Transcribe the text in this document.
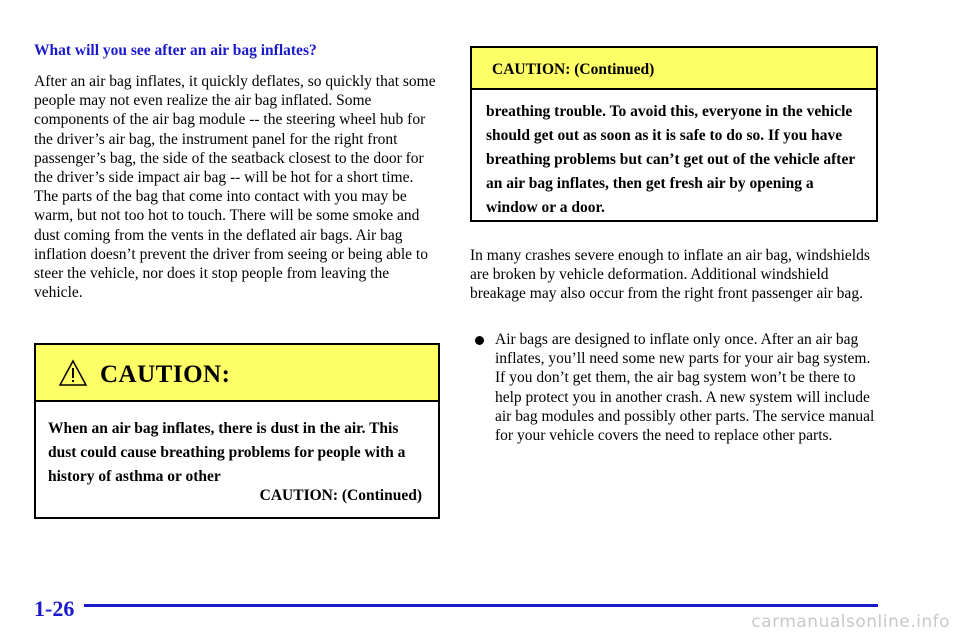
What will you see after an air bag inflates?
After an air bag inflates, it quickly deflates, so quickly that some people may not even realize the air bag inflated. Some components of the air bag module -- the steering wheel hub for the driver’s air bag, the instrument panel for the right front passenger’s bag, the side of the seatback closest to the door for the driver’s side impact air bag -- will be hot for a short time. The parts of the bag that come into contact with you may be warm, but not too hot to touch. There will be some smoke and dust coming from the vents in the deflated air bags. Air bag inflation doesn’t prevent the driver from seeing or being able to steer the vehicle, nor does it stop people from leaving the vehicle.
CAUTION:
When an air bag inflates, there is dust in the air. This dust could cause breathing problems for people with a history of asthma or other
CAUTION: (Continued)
CAUTION: (Continued)
breathing trouble. To avoid this, everyone in the vehicle should get out as soon as it is safe to do so. If you have breathing problems but can’t get out of the vehicle after an air bag inflates, then get fresh air by opening a window or a door.
In many crashes severe enough to inflate an air bag, windshields are broken by vehicle deformation. Additional windshield breakage may also occur from the right front passenger air bag.
Air bags are designed to inflate only once. After an air bag inflates, you’ll need some new parts for your air bag system. If you don’t get them, the air bag system won’t be there to help protect you in another crash. A new system will include air bag modules and possibly other parts. The service manual for your vehicle covers the need to replace other parts.
1-26
carmanualsonline.info
